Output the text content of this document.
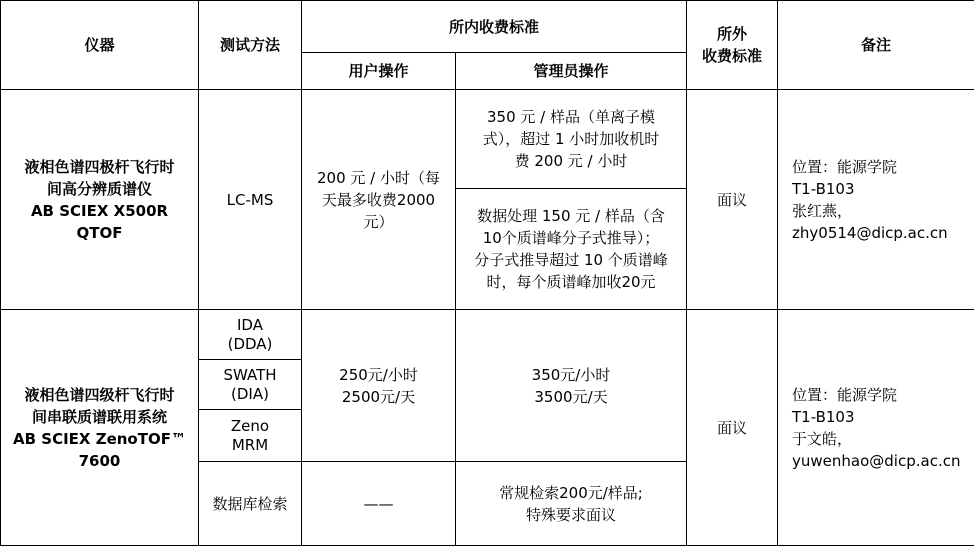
仪器	测试方法	所内收费标准		所外
收费标准	备注
		用户操作	管理员操作		

液相色谱四极杆飞行时
间高分辨质谱仪
AB SCIEX X500R
QTOF	LC-MS	200 元 / 小时（每
天最多收费2000
元）	350 元 / 样品（单离子模
式），超过 1 小时加收机时
费 200 元 / 小时	面议	位置：能源学院
T1-B103
张红燕，
zhy0514@dicp.ac.cn

			数据处理 150 元 / 样品（含
10个质谱峰分子式推导）；
分子式推导超过 10 个质谱峰
时，每个质谱峰加收20元		

液相色谱四级杆飞行时
间串联质谱联用系统
AB SCIEX ZenoTOF™
7600	IDA
(DDA)	250元/小时
2500元/天	350元/小时
3500元/天	面议	位置：能源学院
T1-B103
于文皓，
yuwenhao@dicp.ac.cn

	SWATH
(DIA)				

	Zeno
MRM				

	数据库检索	——	常规检索200元/样品;
特殊要求面议		
